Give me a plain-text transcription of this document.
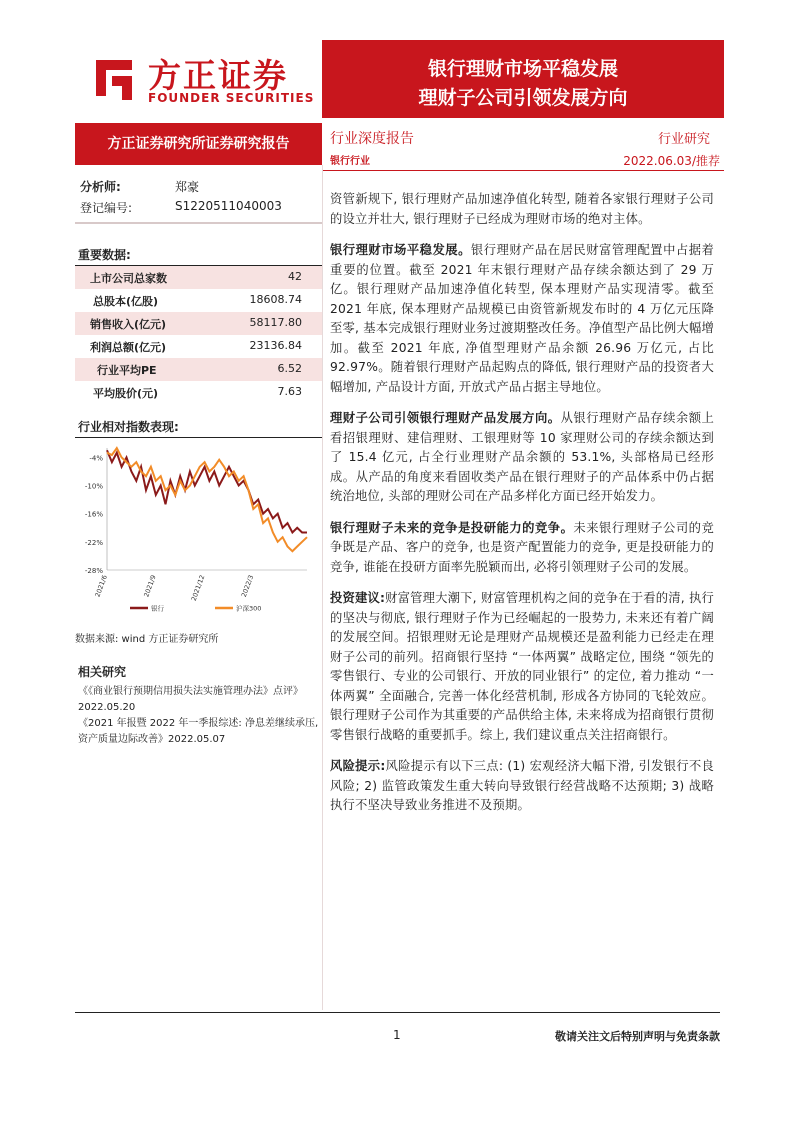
方正证券
FOUNDER SECURITIES
银行理财市场平稳发展
理财子公司引领发展方向
方正证券研究所证券研究报告	行业深度报告
银行行业
行业研究
2022.06.03/推荐
分析师:	郑豪
登记编号:	S1220511040003
重要数据:
上市公司总家数	42
总股本(亿股)	18608.74
销售收入(亿元)	58117.80
利润总额(亿元)	23136.84
行业平均PE	6.52
平均股价(元)	7.63
行业相对指数表现:
-4%
-10%
-16%
-22%
-28%
2021/6	2021/9	2021/12	2022/3
银行	沪深300
数据来源: wind 方正证券研究所
相关研究
《《商业银行预期信用损失法实施管理办法》点评》2022.05.20
《2021 年报暨 2022 年一季报综述: 净息差继续承压, 资产质量边际改善》2022.05.07

资管新规下, 银行理财产品加速净值化转型, 随着各家银行理财子公司的设立并壮大, 银行理财子已经成为理财市场的绝对主体。

银行理财市场平稳发展。银行理财产品在居民财富管理配置中占据着重要的位置。截至 2021 年末银行理财产品存续余额达到了 29 万亿。银行理财产品加速净值化转型, 保本理财产品实现清零。截至 2021 年底, 保本理财产品规模已由资管新规发布时的 4 万亿元压降至零, 基本完成银行理财业务过渡期整改任务。净值型产品比例大幅增加。截至 2021 年底, 净值型理财产品余额 26.96 万亿元, 占比 92.97%。随着银行理财产品起购点的降低, 银行理财产品的投资者大幅增加, 产品设计方面, 开放式产品占据主导地位。

理财子公司引领银行理财产品发展方向。从银行理财产品存续余额上看招银理财、建信理财、工银理财等 10 家理财公司的存续余额达到了 15.4 亿元, 占全行业理财产品余额的 53.1%, 头部格局已经形成。从产品的角度来看固收类产品在银行理财子的产品体系中仍占据统治地位, 头部的理财公司在产品多样化方面已经开始发力。

银行理财子未来的竞争是投研能力的竞争。未来银行理财子公司的竞争既是产品、客户的竞争, 也是资产配置能力的竞争, 更是投研能力的竞争, 谁能在投研方面率先脱颖而出, 必将引领理财子公司的发展。

投资建议:财富管理大潮下, 财富管理机构之间的竞争在于看的清, 执行的坚决与彻底, 银行理财子作为已经崛起的一股势力, 未来还有着广阔的发展空间。招银理财无论是理财产品规模还是盈利能力已经走在理财子公司的前列。招商银行坚持 “一体两翼” 战略定位, 围绕 “领先的零售银行、专业的公司银行、开放的同业银行” 的定位, 着力推动 “一体两翼” 全面融合, 完善一体化经营机制, 形成各方协同的飞轮效应。银行理财子公司作为其重要的产品供给主体, 未来将成为招商银行贯彻零售银行战略的重要抓手。综上, 我们建议重点关注招商银行。

风险提示:风险提示有以下三点: (1) 宏观经济大幅下滑, 引发银行不良风险; 2) 监管政策发生重大转向导致银行经营战略不达预期; 3) 战略执行不坚决导致业务推进不及预期。

1	敬请关注文后特别声明与免责条款
